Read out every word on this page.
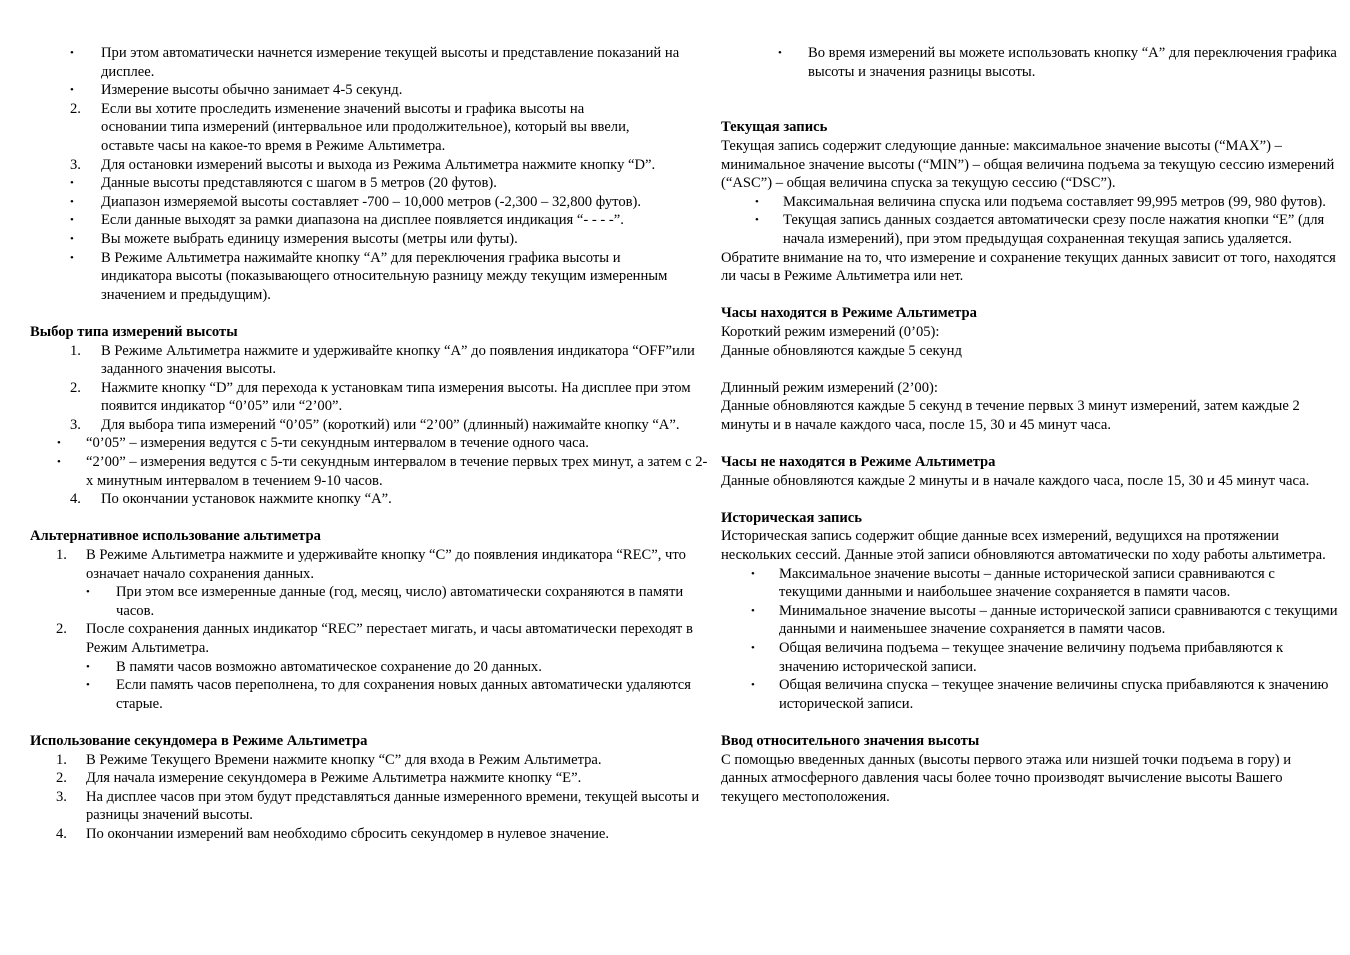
• При этом автоматически начнется измерение текущей высоты и представление показаний на дисплее.
• Измерение высоты обычно занимает 4-5 секунд.
2. Если вы хотите проследить изменение значений высоты и графика высоты на основании типа измерений (интервальное или продолжительное), который вы ввели, оставьте часы на какое-то время в Режиме Альтиметра.
3. Для остановки измерений высоты и выхода из Режима Альтиметра нажмите кнопку “D”.
• Данные высоты представляются с шагом в 5 метров (20 футов).
• Диапазон измеряемой высоты составляет -700 – 10,000 метров (-2,300 – 32,800 футов).
• Если данные выходят за рамки диапазона на дисплее появляется индикация “- - - -”.
• Вы можете выбрать единицу измерения высоты (метры или футы).
• В Режиме Альтиметра нажимайте кнопку “А” для переключения графика высоты и индикатора высоты (показывающего относительную разницу между текущим измеренным значением и предыдущим).
Выбор типа измерений высоты
1. В Режиме Альтиметра нажмите и удерживайте кнопку “А” до появления индикатора “OFF”или заданного значения высоты.
2. Нажмите кнопку “D” для перехода к установкам типа измерения высоты. На дисплее при этом появится индикатор “0’05” или “2’00”.
3. Для выбора типа измерений “0’05” (короткий) или “2’00” (длинный) нажимайте кнопку “А”.
• “0’05” – измерения ведутся с 5-ти секундным интервалом в течение одного часа.
• “2’00” – измерения ведутся с 5-ти секундным интервалом в течение первых трех минут, а затем с 2-х минутным интервалом в течением 9-10 часов.
4. По окончании установок нажмите кнопку “А”.
Альтернативное использование альтиметра
1. В Режиме Альтиметра нажмите и удерживайте кнопку “С” до появления индикатора “REC”, что означает начало сохранения данных.
• При этом все измеренные данные (год, месяц, число) автоматически сохраняются в памяти часов.
2. После сохранения данных индикатор “REC” перестает мигать, и часы автоматически переходят в Режим Альтиметра.
• В памяти часов возможно автоматическое сохранение до 20 данных.
• Если память часов переполнена, то для сохранения новых данных автоматически удаляются старые.
Использование секундомера в Режиме Альтиметра
1. В Режиме Текущего Времени нажмите кнопку “С” для входа в Режим Альтиметра.
2. Для начала измерение секундомера в Режиме Альтиметра нажмите кнопку “Е”.
3. На дисплее часов при этом будут представляться данные измеренного времени, текущей высоты и разницы значений высоты.
4. По окончании измерений вам необходимо сбросить секундомер в нулевое значение.
• Во время измерений вы можете использовать кнопку “А” для переключения графика высоты и значения разницы высоты.
Текущая запись
Текущая запись содержит следующие данные: максимальное значение высоты (“MAX”) – минимальное значение высоты (“MIN”) – общая величина подъема за текущую сессию измерений (“ASC”) – общая величина спуска за текущую сессию (“DSC”).
• Максимальная величина спуска или подъема составляет 99,995 метров (99, 980 футов).
• Текущая запись данных создается автоматически срезу после нажатия кнопки “Е” (для начала измерений), при этом предыдущая сохраненная текущая запись удаляется.
Обратите внимание на то, что измерение и сохранение текущих данных зависит от того, находятся ли часы в Режиме Альтиметра или нет.
Часы находятся в Режиме Альтиметра
Короткий режим измерений (0’05):
Данные обновляются каждые 5 секунд
Длинный режим измерений (2’00):
Данные обновляются каждые 5 секунд в течение первых 3 минут измерений, затем каждые 2 минуты и в начале каждого часа, после 15, 30 и 45 минут часа.
Часы не находятся в Режиме Альтиметра
Данные обновляются каждые 2 минуты и в начале каждого часа, после 15, 30 и 45 минут часа.
Историческая запись
Историческая запись содержит общие данные всех измерений, ведущихся на протяжении нескольких сессий. Данные этой записи обновляются автоматически по ходу работы альтиметра.
• Максимальное значение высоты – данные исторической записи сравниваются с текущими данными и наибольшее значение сохраняется в памяти часов.
• Минимальное значение высоты – данные исторической записи сравниваются с текущими данными и наименьшее значение сохраняется в памяти часов.
• Общая величина подъема – текущее значение величину подъема прибавляются к значению исторической записи.
• Общая величина спуска – текущее значение величины спуска прибавляются к значению исторической записи.
Ввод относительного значения высоты
С помощью введенных данных (высоты первого этажа или низшей точки подъема в гору) и данных атмосферного давления часы более точно производят вычисление высоты Вашего текущего местоположения.
